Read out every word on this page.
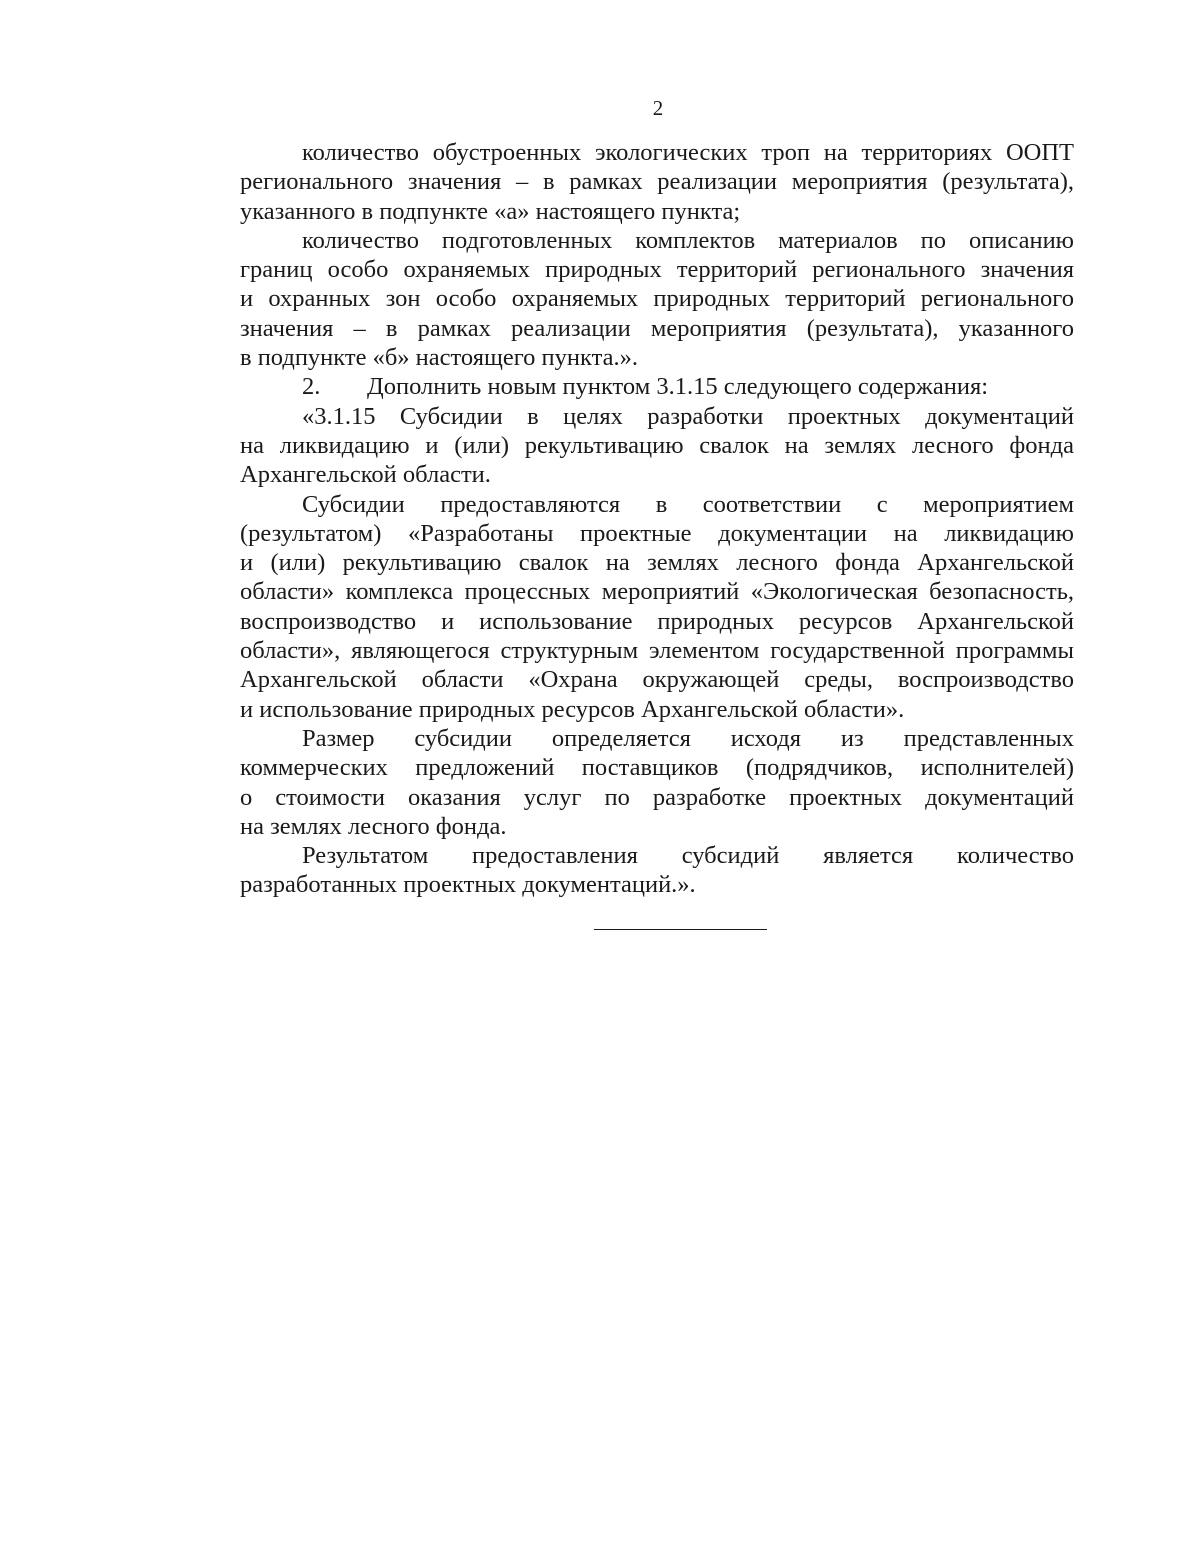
2
количество обустроенных экологических троп на территориях ООПТ
регионального значения – в рамках реализации мероприятия (результата),
указанного в подпункте «а» настоящего пункта;
количество подготовленных комплектов материалов по описанию
границ особо охраняемых природных территорий регионального значения
и охранных зон особо охраняемых природных территорий регионального
значения – в рамках реализации мероприятия (результата), указанного
в подпункте «б» настоящего пункта.».
2. Дополнить новым пунктом 3.1.15 следующего содержания:
«3.1.15 Субсидии в целях разработки проектных документаций
на ликвидацию и (или) рекультивацию свалок на землях лесного фонда
Архангельской области.
Субсидии предоставляются в соответствии с мероприятием
(результатом) «Разработаны проектные документации на ликвидацию
и (или) рекультивацию свалок на землях лесного фонда Архангельской
области» комплекса процессных мероприятий «Экологическая безопасность,
воспроизводство и использование природных ресурсов Архангельской
области», являющегося структурным элементом государственной программы
Архангельской области «Охрана окружающей среды, воспроизводство
и использование природных ресурсов Архангельской области».
Размер субсидии определяется исходя из представленных
коммерческих предложений поставщиков (подрядчиков, исполнителей)
о стоимости оказания услуг по разработке проектных документаций
на землях лесного фонда.
Результатом предоставления субсидий является количество
разработанных проектных документаций.».
